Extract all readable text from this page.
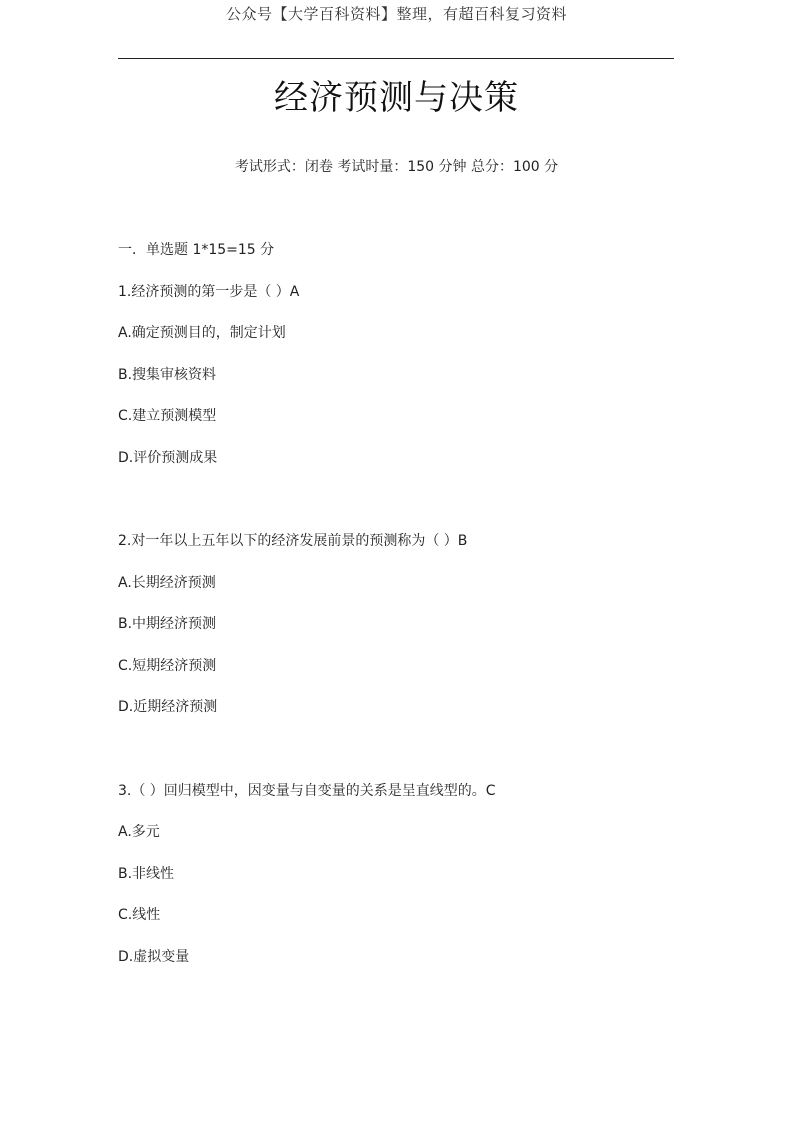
公众号【大学百科资料】整理，有超百科复习资料
经济预测与决策
考试形式：闭卷 考试时量：150 分钟 总分：100 分
一．单选题 1*15=15 分
1.经济预测的第一步是（ ）A
A.确定预测目的，制定计划
B.搜集审核资料
C.建立预测模型
D.评价预测成果
2.对一年以上五年以下的经济发展前景的预测称为（ ）B
A.长期经济预测
B.中期经济预测
C.短期经济预测
D.近期经济预测
3.（ ）回归模型中，因变量与自变量的关系是呈直线型的。C
A.多元
B.非线性
C.线性
D.虚拟变量
